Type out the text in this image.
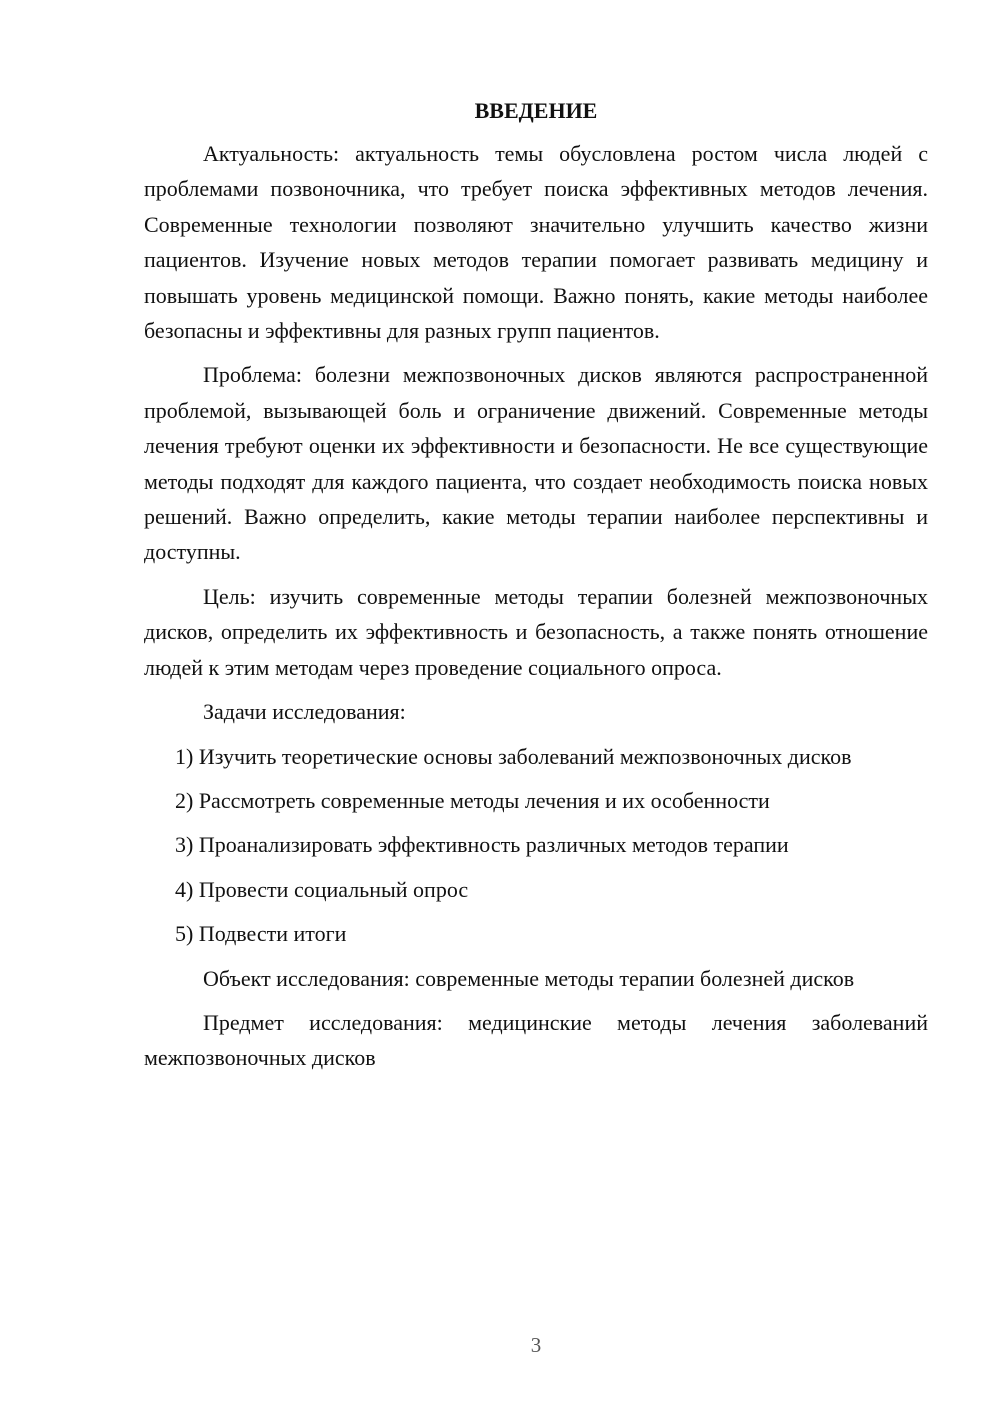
ВВЕДЕНИЕ

Актуальность: актуальность темы обусловлена ростом числа людей с проблемами позвоночника, что требует поиска эффективных методов лечения. Современные технологии позволяют значительно улучшить качество жизни пациентов. Изучение новых методов терапии помогает развивать медицину и повышать уровень медицинской помощи. Важно понять, какие методы наиболее безопасны и эффективны для разных групп пациентов.

Проблема: болезни межпозвоночных дисков являются распространенной проблемой, вызывающей боль и ограничение движений. Современные методы лечения требуют оценки их эффективности и безопасности. Не все существующие методы подходят для каждого пациента, что создает необходимость поиска новых решений. Важно определить, какие методы терапии наиболее перспективны и доступны.

Цель: изучить современные методы терапии болезней межпозвоночных дисков, определить их эффективность и безопасность, а также понять отношение людей к этим методам через проведение социального опроса.

Задачи исследования:

1) Изучить теоретические основы заболеваний межпозвоночных дисков

2) Рассмотреть современные методы лечения и их особенности

3) Проанализировать эффективность различных методов терапии

4) Провести социальный опрос

5) Подвести итоги

Объект исследования: современные методы терапии болезней дисков

Предмет исследования: медицинские методы лечения заболеваний межпозвоночных дисков

3
